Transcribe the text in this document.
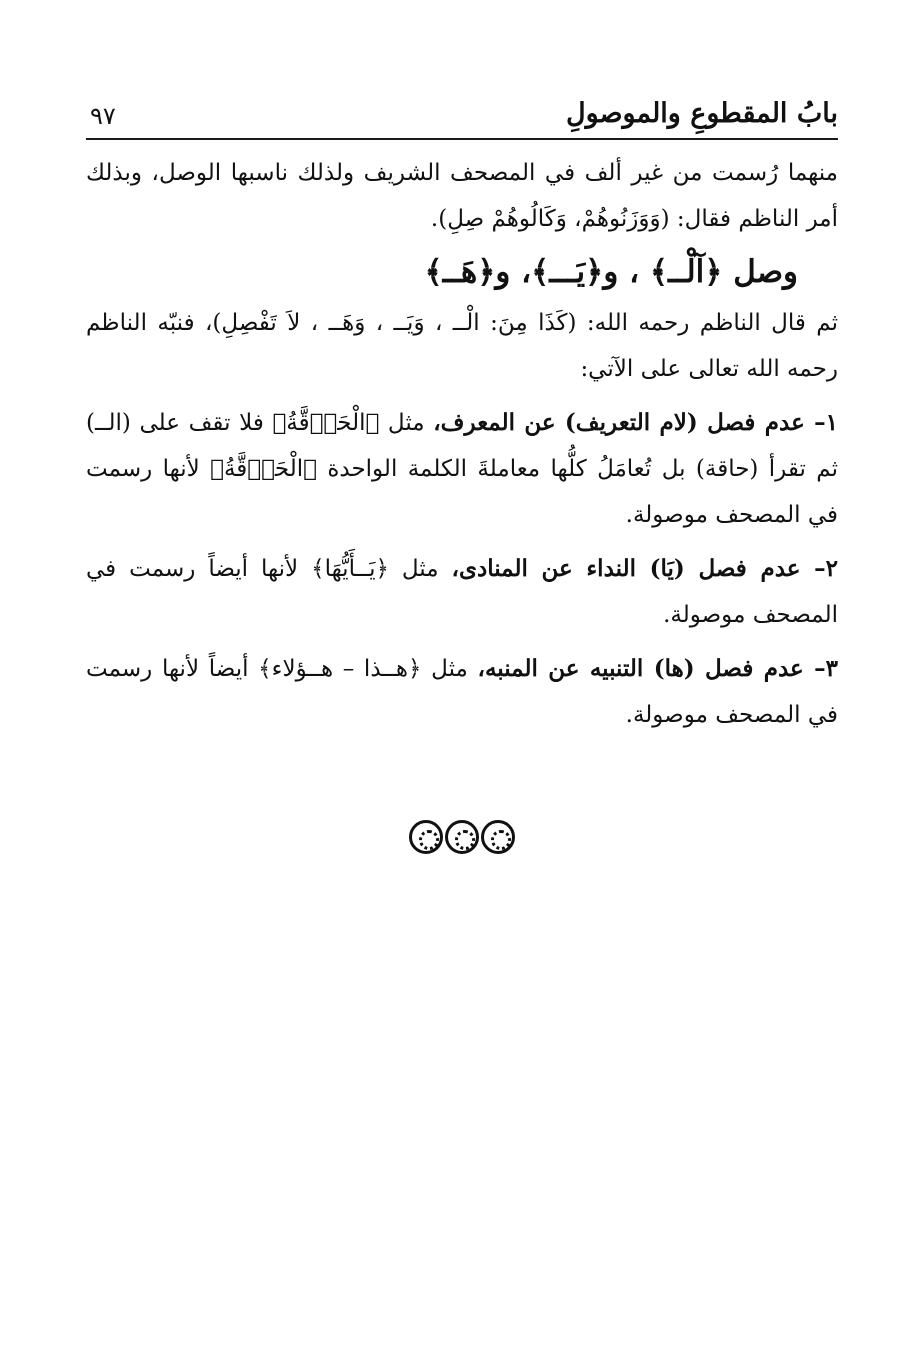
بابُ المقطوعِ والموصولِ
٩٧

منهما رُسمت من غير ألف في المصحف الشريف ولذلك ناسبها الوصل، وبذلك أمر الناظم فقال: (وَوَزَنُوهُمْ، وَكَالُوهُمْ صِلِ).

وصل ﴿آلْــ﴾ ، و﴿يَـــ﴾، و﴿هَــ﴾

ثم قال الناظم رحمه الله: (كَذَا مِنَ: الْــ ، وَيَــ ، وَهَــ ، لاَ تَفْصِلِ)، فنبّه الناظم رحمه الله تعالى على الآتي:

١– عدم فصل (لام التعريف) عن المعرف، مثل ﴿الْحَاۤقَّةُ﴾ فلا تقف على (الــ) ثم تقرأ (حاقة) بل تُعامَلُ كلُّها معاملةَ الكلمة الواحدة ﴿الْحَاۤقَّةُ﴾ لأنها رسمت في المصحف موصولة.

٢– عدم فصل (يَا) النداء عن المنادى، مثل ﴿يَــأَيُّهَا﴾ لأنها أيضاً رسمت في المصحف موصولة.

٣– عدم فصل (ها) التنبيه عن المنبه، مثل ﴿هــذا – هــؤلاء﴾ أيضاً لأنها رسمت في المصحف موصولة.
